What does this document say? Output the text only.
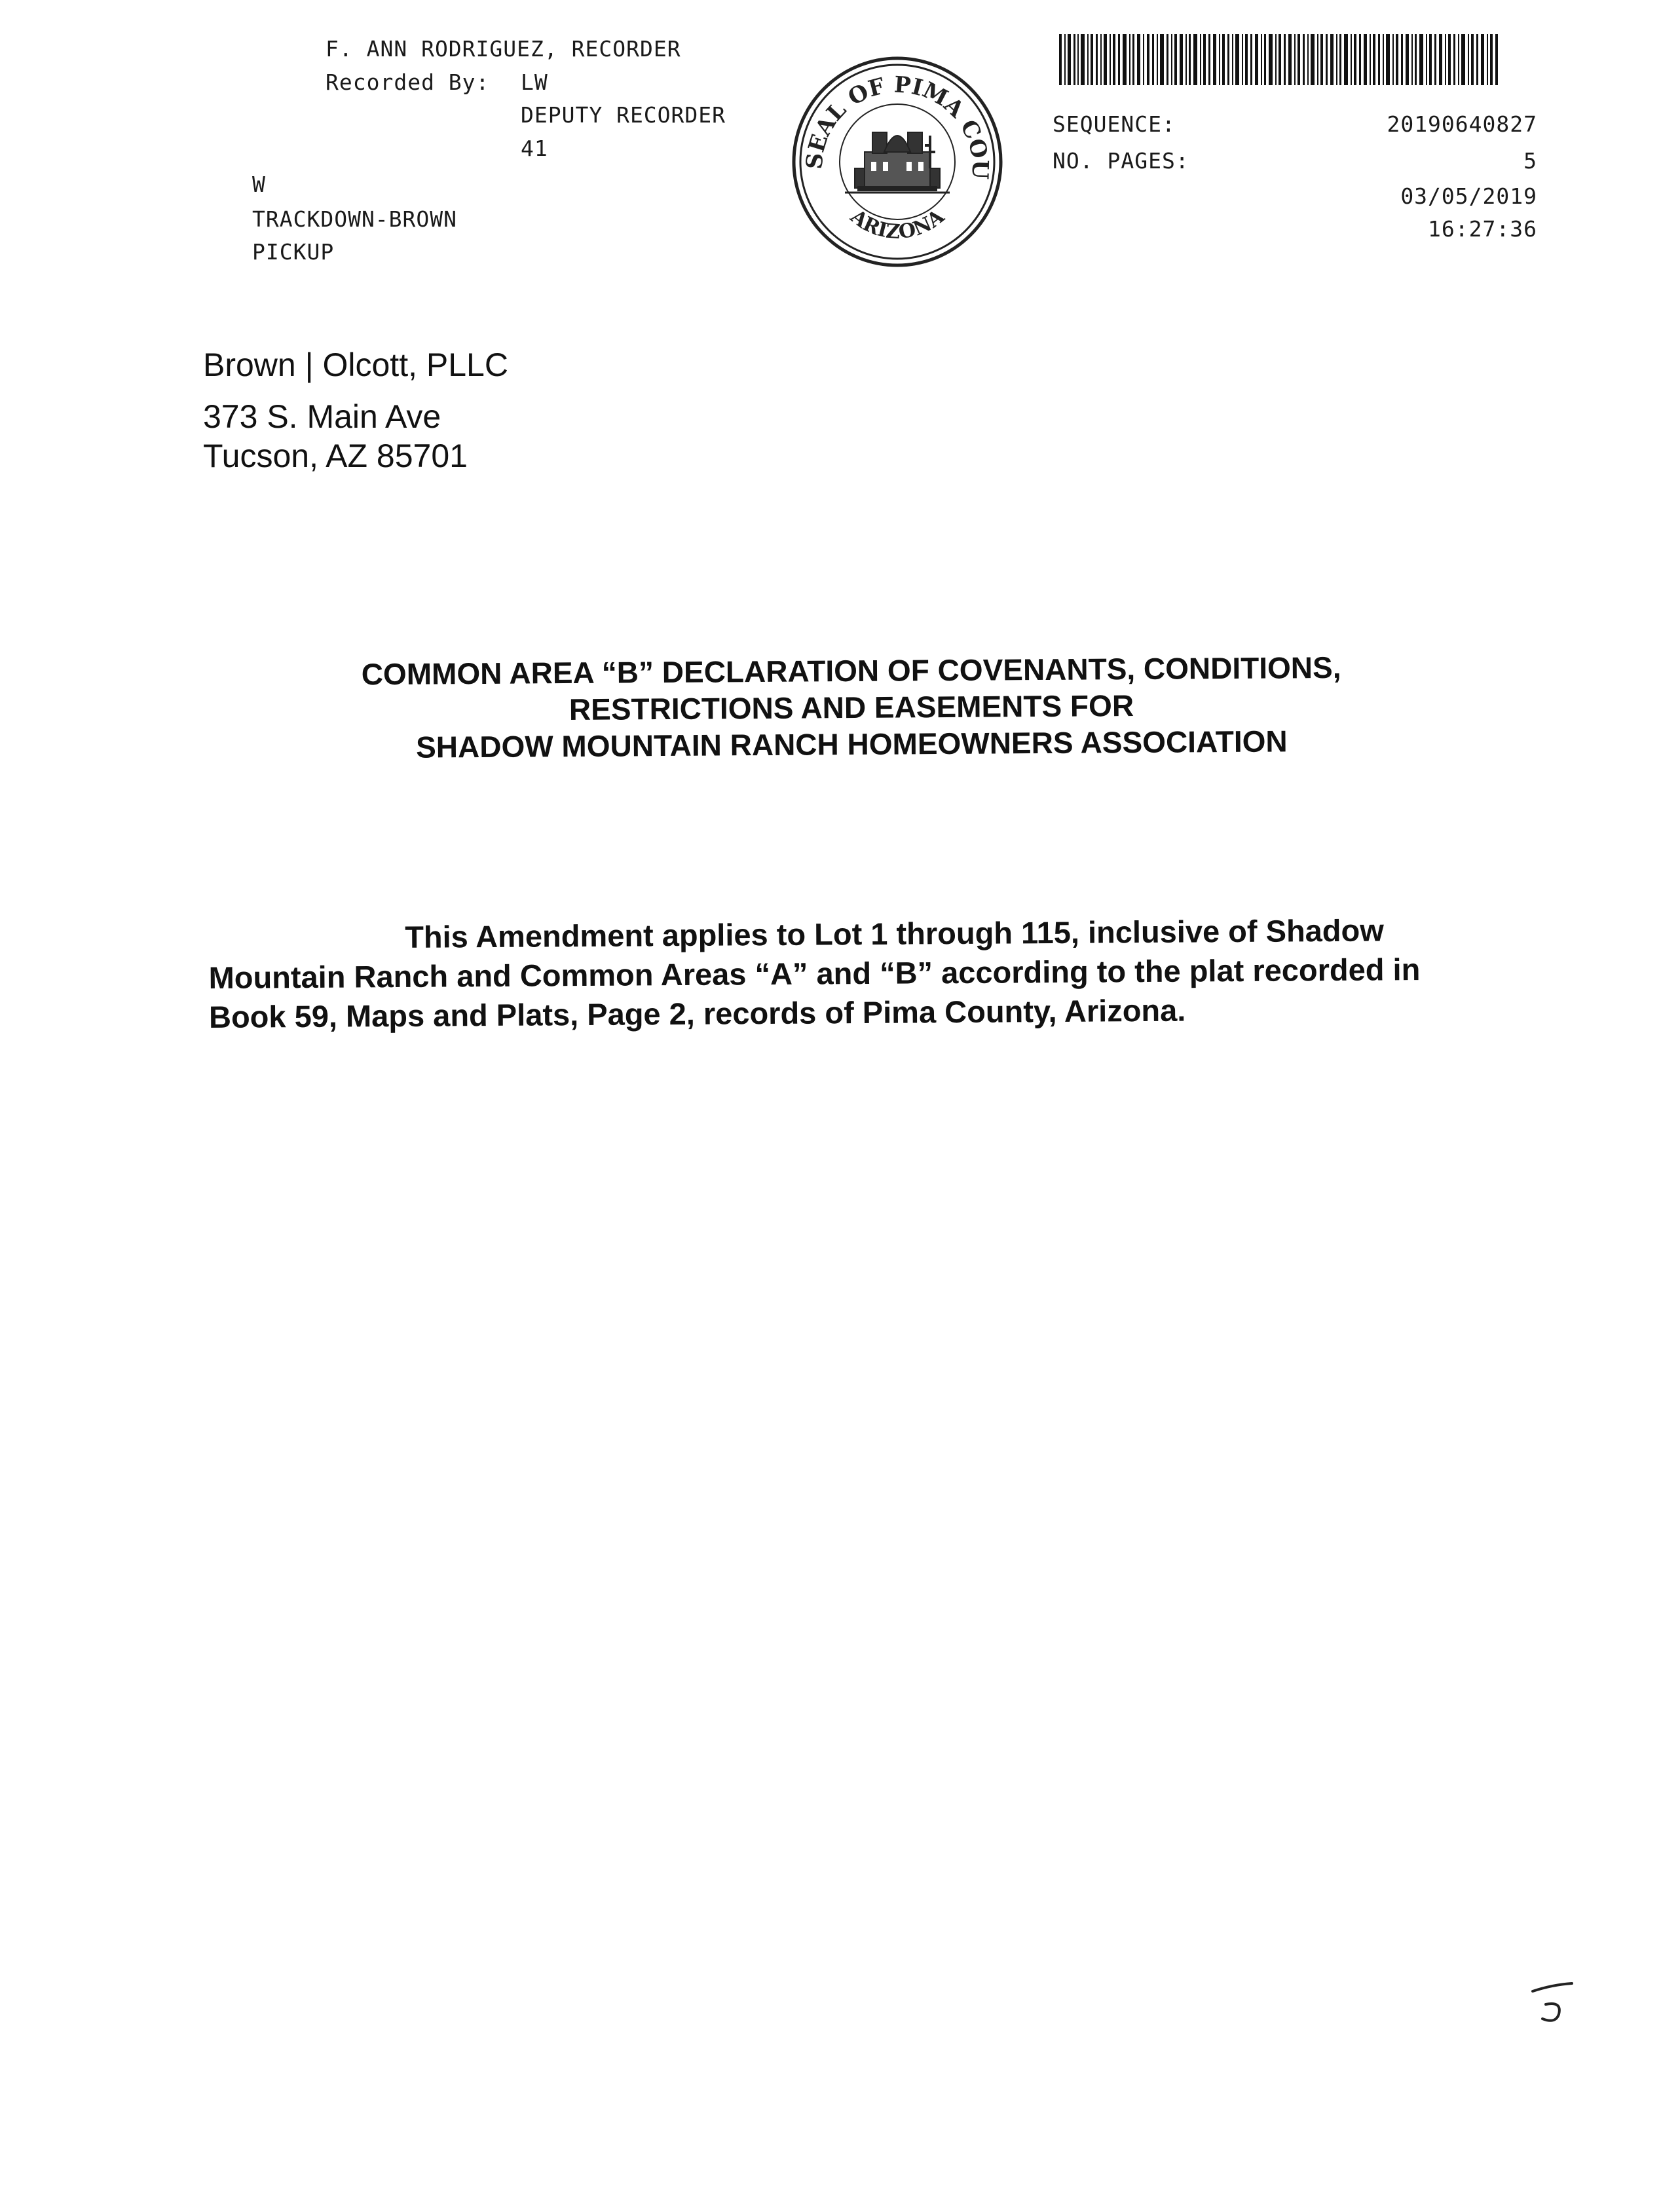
F. ANN RODRIGUEZ, RECORDER
Recorded By: LW
DEPUTY RECORDER
41
W
TRACKDOWN-BROWN
PICKUP
SEAL OF PIMA COU
ARIZONA
SEQUENCE:	20190640827
NO. PAGES:	5
03/05/2019
16:27:36
Brown | Olcott, PLLC
373 S. Main Ave
Tucson, AZ 85701
COMMON AREA “B” DECLARATION OF COVENANTS, CONDITIONS,
RESTRICTIONS AND EASEMENTS FOR
SHADOW MOUNTAIN RANCH HOMEOWNERS ASSOCIATION
This Amendment applies to Lot 1 through 115, inclusive of Shadow
Mountain Ranch and Common Areas “A” and “B” according to the plat recorded in
Book 59, Maps and Plats, Page 2, records of Pima County, Arizona.
